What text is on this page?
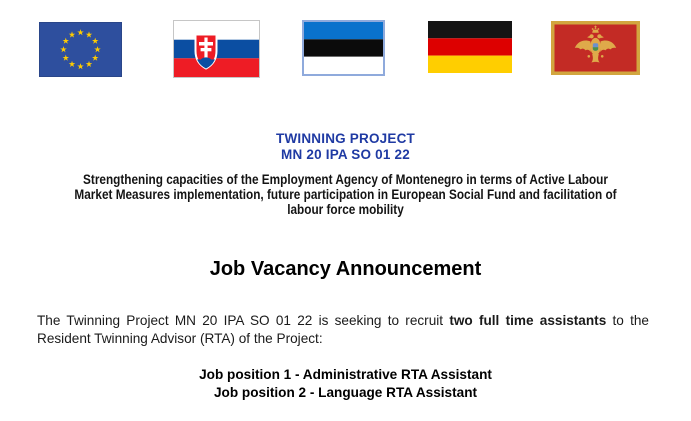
TWINNING PROJECT
MN 20 IPA SO 01 22
Strengthening capacities of the Employment Agency of Montenegro in terms of Active Labour
Market Measures implementation, future participation in European Social Fund and facilitation of
labour force mobility
Job Vacancy Announcement
The Twinning Project MN 20 IPA SO 01 22 is seeking to recruit two full time assistants to the
Resident Twinning Advisor (RTA) of the Project:
Job position 1 - Administrative RTA Assistant
Job position 2 - Language RTA Assistant
